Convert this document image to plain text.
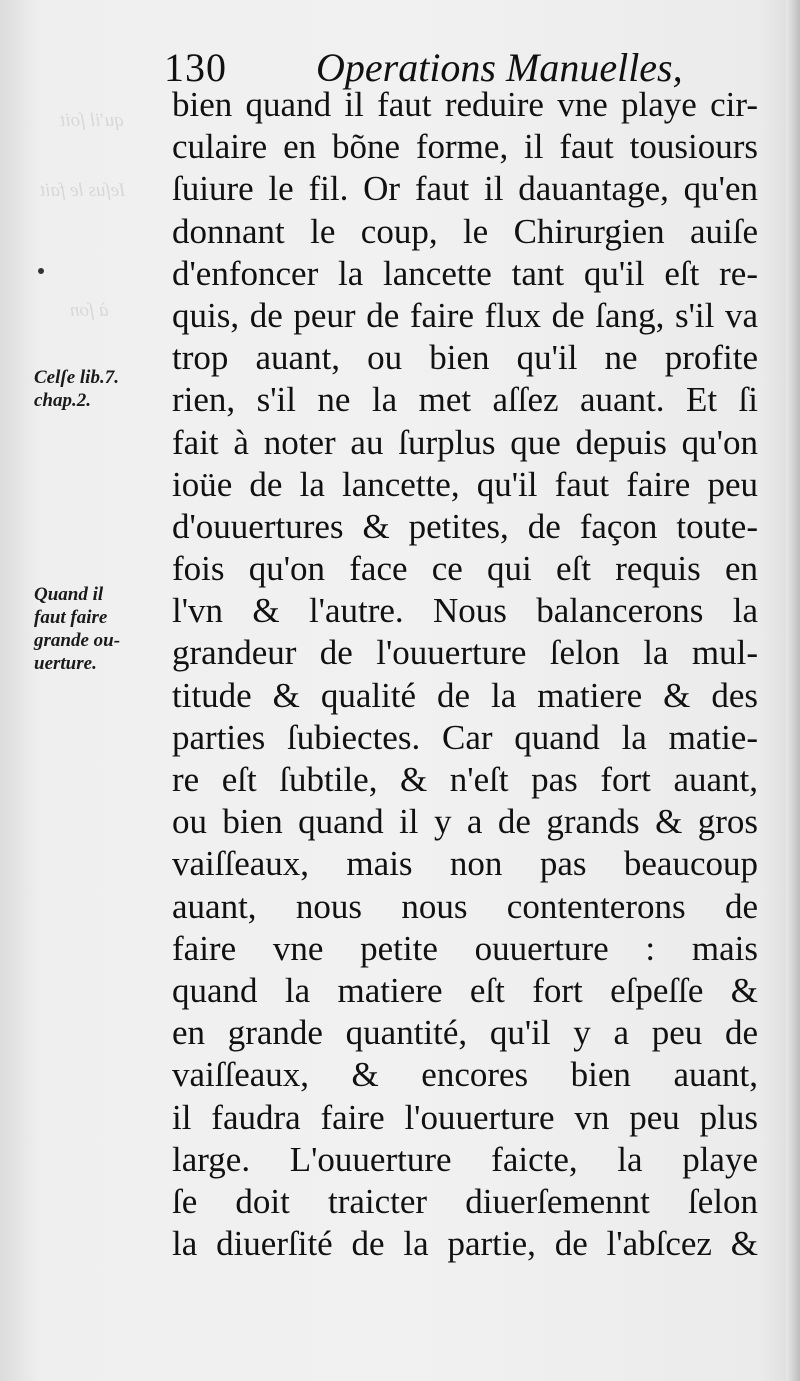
qu'il ſoit
Ieſus le fait
à ſon
130 Operations Manuelles,
Celſe lib.7.
chap.2.
Quand il
faut faire
grande ou-
uerture.
bien quand il faut reduire vne playe cir-
culaire en bõne forme, il faut tousiours
ſuiure le fil. Or faut il dauantage, qu'en
donnant le coup, le Chirurgien auiſe
d'enfoncer la lancette tant qu'il eſt re-
quis, de peur de faire flux de ſang, s'il va
trop auant, ou bien qu'il ne profite
rien, s'il ne la met aſſez auant. Et ſi
fait à noter au ſurplus que depuis qu'on
ioüe de la lancette, qu'il faut faire peu
d'ouuertures & petites, de façon toute-
fois qu'on face ce qui eſt requis en
l'vn & l'autre. Nous balancerons la
grandeur de l'ouuerture ſelon la mul-
titude & qualité de la matiere & des
parties ſubiectes. Car quand la matie-
re eſt ſubtile, & n'eſt pas fort auant,
ou bien quand il y a de grands & gros
vaiſſeaux, mais non pas beaucoup
auant, nous nous contenterons de
faire vne petite ouuerture : mais
quand la matiere eſt fort eſpeſſe &
en grande quantité, qu'il y a peu de
vaiſſeaux, & encores bien auant,
il faudra faire l'ouuerture vn peu plus
large. L'ouuerture faicte, la playe
ſe doit traicter diuerſemennt ſelon
la diuerſité de la partie, de l'abſcez &
